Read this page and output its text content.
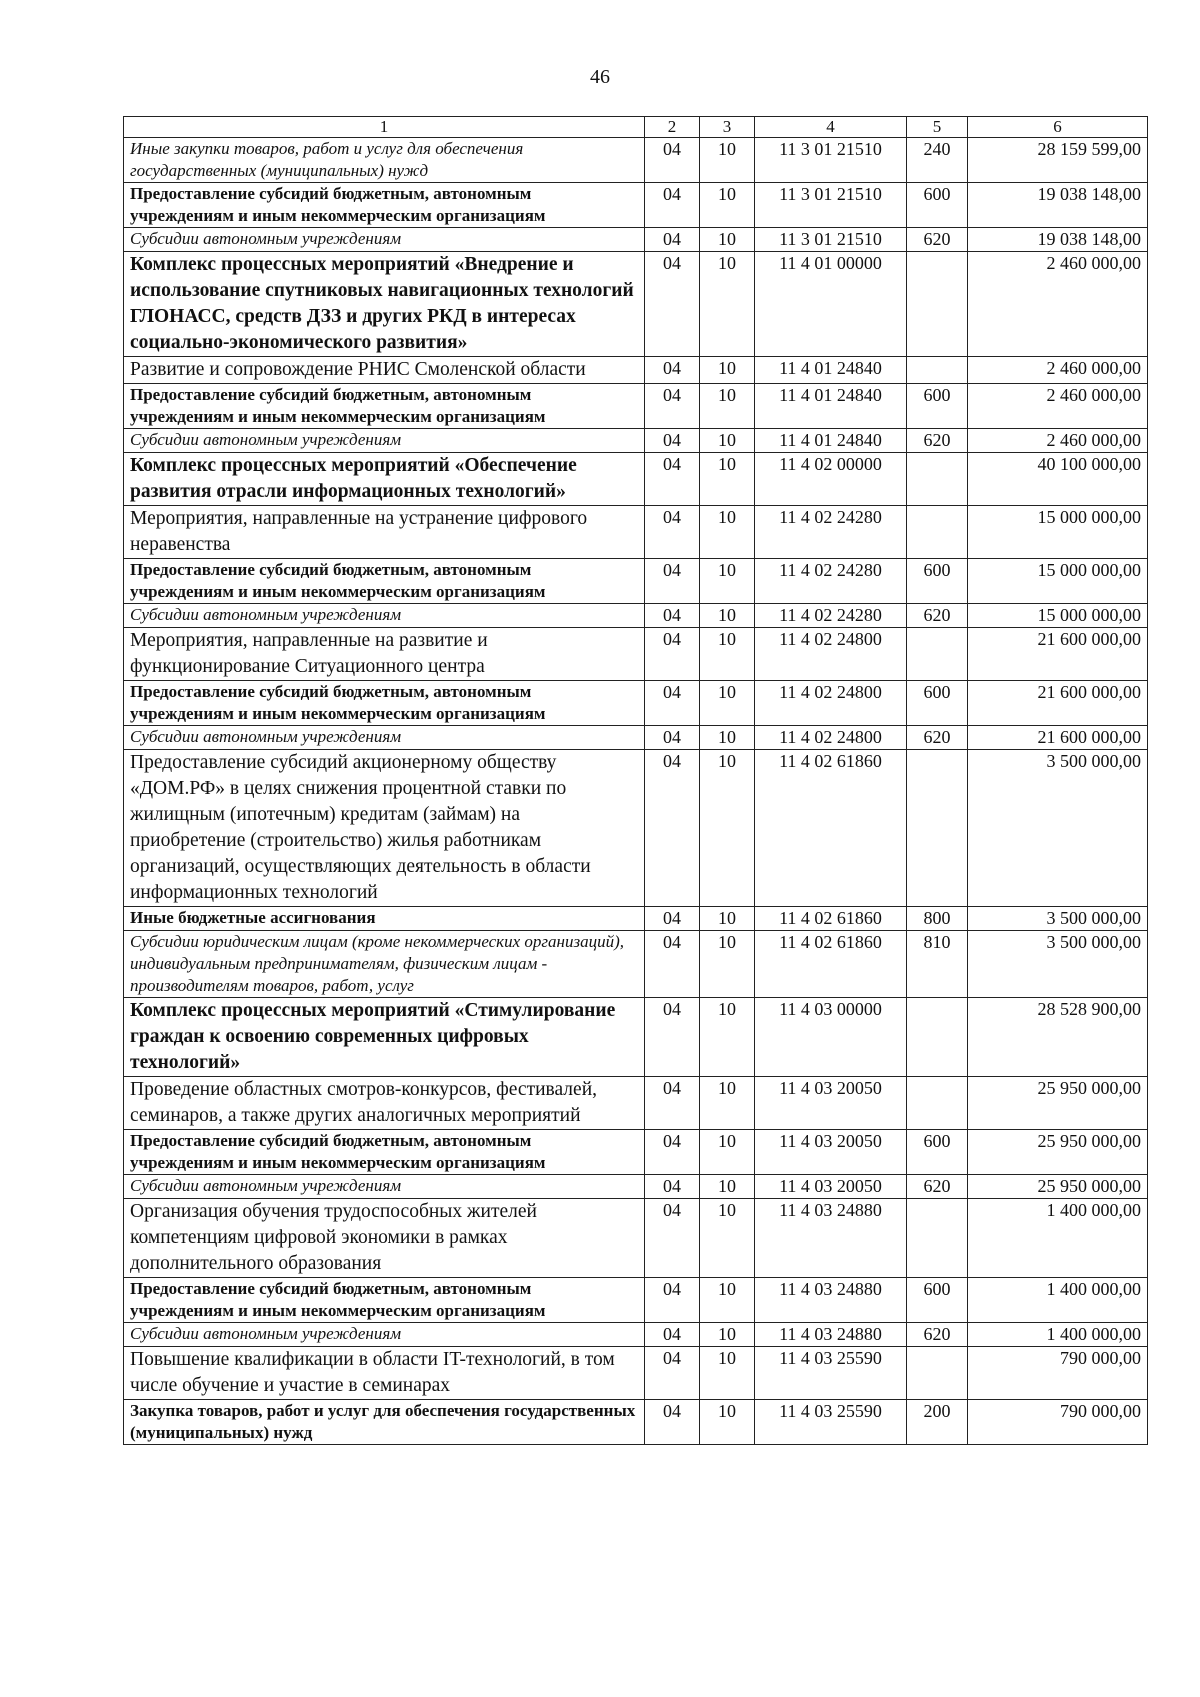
46
1	2	3	4	5	6
Иные закупки товаров, работ и услуг для обеспечения государственных (муниципальных) нужд	04	10	11 3 01 21510	240	28 159 599,00
Предоставление субсидий бюджетным, автономным учреждениям и иным некоммерческим организациям	04	10	11 3 01 21510	600	19 038 148,00
Субсидии автономным учреждениям	04	10	11 3 01 21510	620	19 038 148,00
Комплекс процессных мероприятий «Внедрение и использование спутниковых навигационных технологий ГЛОНАСС, средств ДЗЗ и других РКД в интересах социально-экономического развития»	04	10	11 4 01 00000		2 460 000,00
Развитие и сопровождение РНИС Смоленской области	04	10	11 4 01 24840		2 460 000,00
Предоставление субсидий бюджетным, автономным учреждениям и иным некоммерческим организациям	04	10	11 4 01 24840	600	2 460 000,00
Субсидии автономным учреждениям	04	10	11 4 01 24840	620	2 460 000,00
Комплекс процессных мероприятий «Обеспечение развития отрасли информационных технологий»	04	10	11 4 02 00000		40 100 000,00
Мероприятия, направленные на устранение цифрового неравенства	04	10	11 4 02 24280		15 000 000,00
Предоставление субсидий бюджетным, автономным учреждениям и иным некоммерческим организациям	04	10	11 4 02 24280	600	15 000 000,00
Субсидии автономным учреждениям	04	10	11 4 02 24280	620	15 000 000,00
Мероприятия, направленные на развитие и функционирование Ситуационного центра	04	10	11 4 02 24800		21 600 000,00
Предоставление субсидий бюджетным, автономным учреждениям и иным некоммерческим организациям	04	10	11 4 02 24800	600	21 600 000,00
Субсидии автономным учреждениям	04	10	11 4 02 24800	620	21 600 000,00
Предоставление субсидий акционерному обществу «ДОМ.РФ» в целях снижения процентной ставки по жилищным (ипотечным) кредитам (займам) на приобретение (строительство) жилья работникам организаций, осуществляющих деятельность в области информационных технологий	04	10	11 4 02 61860		3 500 000,00
Иные бюджетные ассигнования	04	10	11 4 02 61860	800	3 500 000,00
Субсидии юридическим лицам (кроме некоммерческих организаций), индивидуальным предпринимателям, физическим лицам - производителям товаров, работ, услуг	04	10	11 4 02 61860	810	3 500 000,00
Комплекс процессных мероприятий «Стимулирование граждан к освоению современных цифровых технологий»	04	10	11 4 03 00000		28 528 900,00
Проведение областных смотров-конкурсов, фестивалей, семинаров, а также других аналогичных мероприятий	04	10	11 4 03 20050		25 950 000,00
Предоставление субсидий бюджетным, автономным учреждениям и иным некоммерческим организациям	04	10	11 4 03 20050	600	25 950 000,00
Субсидии автономным учреждениям	04	10	11 4 03 20050	620	25 950 000,00
Организация обучения трудоспособных жителей компетенциям цифровой экономики в рамках дополнительного образования	04	10	11 4 03 24880		1 400 000,00
Предоставление субсидий бюджетным, автономным учреждениям и иным некоммерческим организациям	04	10	11 4 03 24880	600	1 400 000,00
Субсидии автономным учреждениям	04	10	11 4 03 24880	620	1 400 000,00
Повышение квалификации в области IT-технологий, в том числе обучение и участие в семинарах	04	10	11 4 03 25590		790 000,00
Закупка товаров, работ и услуг для обеспечения государственных (муниципальных) нужд	04	10	11 4 03 25590	200	790 000,00
